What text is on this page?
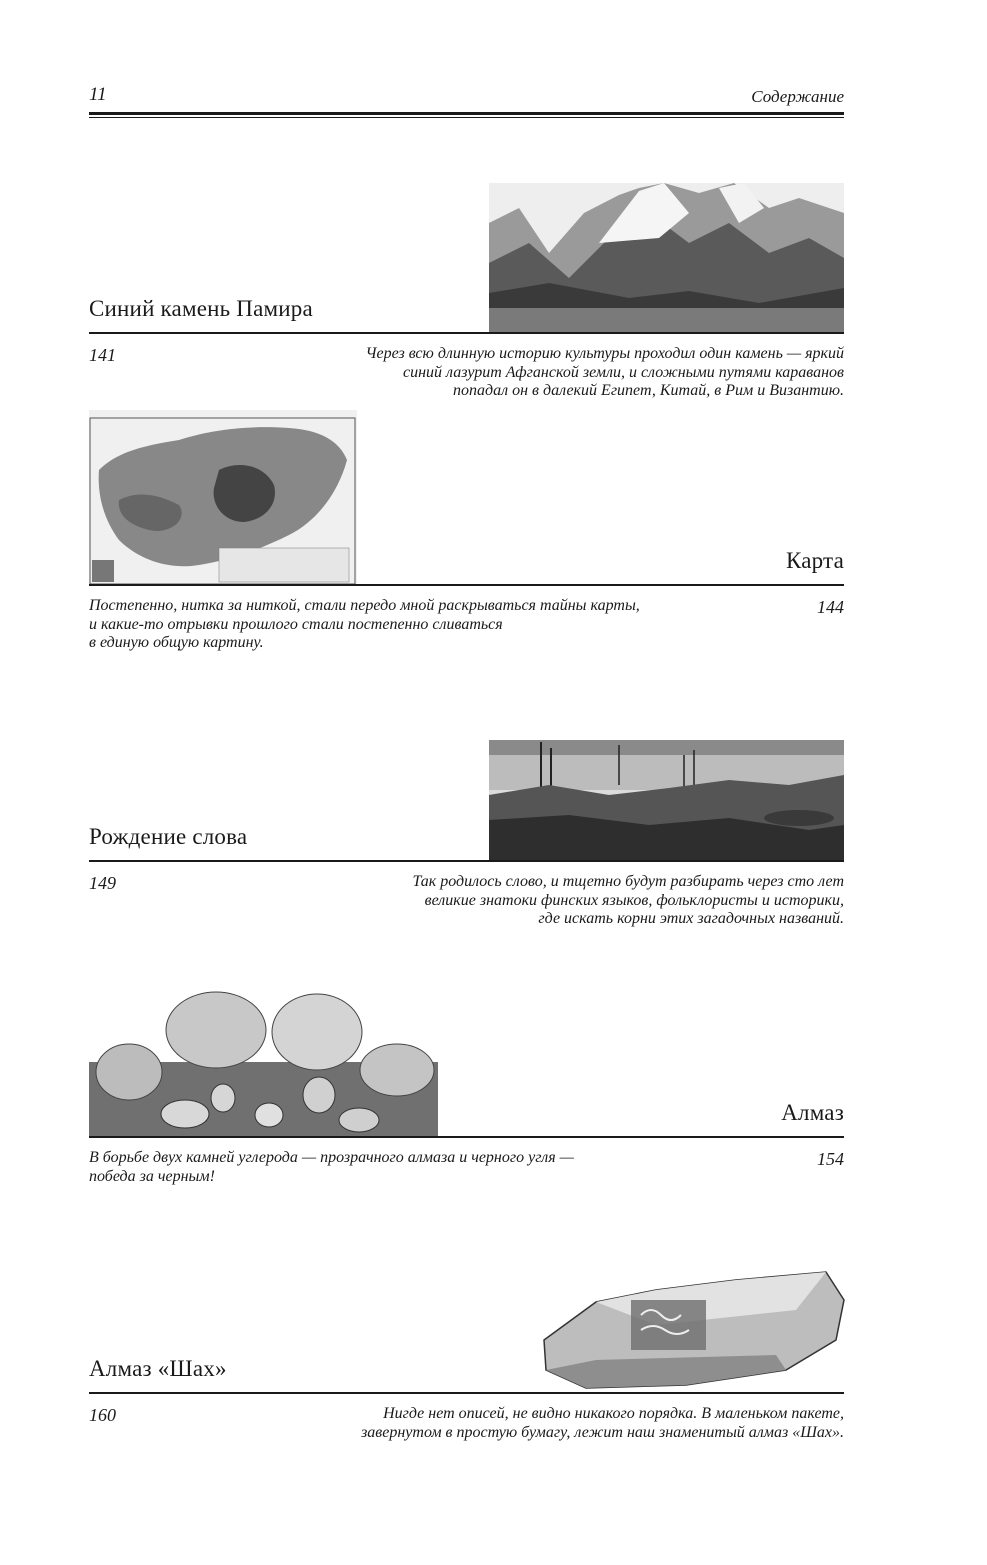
11	Содержание
Синий камень Памира
141	Через всю длинную историю культуры проходил один камень — яркий
синий лазурит Афганской земли, и сложными путями караванов
попадал он в далекий Египет, Китай, в Рим и Византию.
Карта
144
Постепенно, нитка за ниткой, стали передо мной раскрываться тайны карты,
и какие-то отрывки прошлого стали постепенно сливаться
в единую общую картину.
Рождение слова
149	Так родилось слово, и тщетно будут разбирать через сто лет
великие знатоки финских языков, фольклористы и историки,
где искать корни этих загадочных названий.
Алмаз
154
В борьбе двух камней углерода — прозрачного алмаза и черного угля —
победа за черным!
Алмаз «Шах»
160	Нигде нет описей, не видно никакого порядка. В маленьком пакете,
завернутом в простую бумагу, лежит наш знаменитый алмаз «Шах».
